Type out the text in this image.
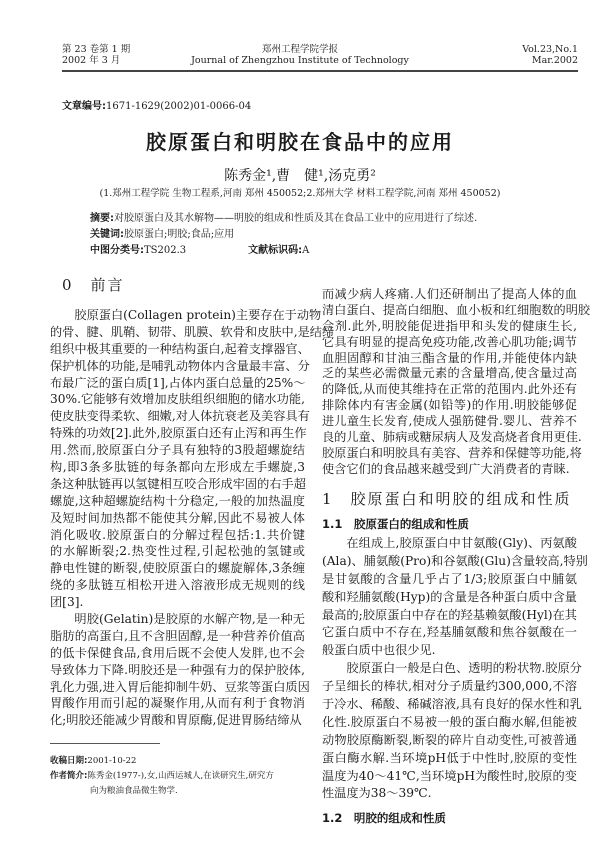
第 23 卷第 1 期
2002 年 3 月
郑州工程学院学报
Journal of Zhengzhou Institute of Technology
Vol.23,No.1
Mar.2002
文章编号:1671-1629(2002)01-0066-04
胶原蛋白和明胶在食品中的应用
陈秀金¹,曹　健¹,汤克勇²
(1.郑州工程学院 生物工程系,河南 郑州 450052;2.郑州大学 材料工程学院,河南 郑州 450052)
摘要:对胶原蛋白及其水解物——明胶的组成和性质及其在食品工业中的应用进行了综述.
关键词:胶原蛋白;明胶;食品;应用
中图分类号:TS202.3	文献标识码:A
0　前言
胶原蛋白(Collagen protein)主要存在于动物
的骨、腱、肌鞘、韧带、肌膜、软骨和皮肤中,是结缔
组织中极其重要的一种结构蛋白,起着支撑器官、
保护机体的功能,是哺乳动物体内含量最丰富、分
布最广泛的蛋白质[1],占体内蛋白总量的25%～
30%.它能够有效增加皮肤组织细胞的储水功能,
使皮肤变得柔软、细嫩,对人体抗衰老及美容具有
特殊的功效[2].此外,胶原蛋白还有止泻和再生作
用.然而,胶原蛋白分子具有独特的3股超螺旋结
构,即3条多肽链的每条都向左形成左手螺旋,3
条这种肽链再以氢键相互咬合形成牢固的右手超
螺旋,这种超螺旋结构十分稳定,一般的加热温度
及短时间加热都不能使其分解,因此不易被人体
消化吸收.胶原蛋白的分解过程包括:1.共价键
的水解断裂;2.热变性过程,引起松弛的氢键或
静电性键的断裂,使胶原蛋白的螺旋解体,3条缠
绕的多肽链互相松开进入溶液形成无规则的线
团[3].
明胶(Gelatin)是胶原的水解产物,是一种无
脂肪的高蛋白,且不含胆固醇,是一种营养价值高
的低卡保健食品,食用后既不会使人发胖,也不会
导致体力下降.明胶还是一种强有力的保护胶体,
乳化力强,进入胃后能抑制牛奶、豆浆等蛋白质因
胃酸作用而引起的凝聚作用,从而有利于食物消
化;明胶还能减少胃酸和胃原酶,促进胃肠结缔从
收稿日期:2001-10-22
作者简介:陈秀金(1977-),女,山西运城人,在读研究生,研究方
向为粮油食品微生物学.
而减少病人疼痛.人们还研制出了提高人体的血
清白蛋白、提高白细胞、血小板和红细胞数的明胶
合剂.此外,明胶能促进指甲和头发的健康生长,
它具有明显的提高免疫功能,改善心肌功能;调节
血胆固醇和甘油三酯含量的作用,并能使体内缺
乏的某些必需微量元素的含量增高,使含量过高
的降低,从而使其维持在正常的范围内.此外还有
排除体内有害金属(如铅等)的作用.明胶能够促
进儿童生长发育,使成人强筋健骨.婴儿、营养不
良的儿童、肺病或糖尿病人及发高烧者食用更佳.
胶原蛋白和明胶具有美容、营养和保健等功能,将
使含它们的食品越来越受到广大消费者的青睐.
1　胶原蛋白和明胶的组成和性质
1.1　胶原蛋白的组成和性质
在组成上,胶原蛋白中甘氨酸(Gly)、丙氨酸
(Ala)、脯氨酸(Pro)和谷氨酸(Glu)含量较高,特别
是甘氨酸的含量几乎占了1/3;胶原蛋白中脯氨
酸和羟脯氨酸(Hyp)的含量是各种蛋白质中含量
最高的;胶原蛋白中存在的羟基赖氨酸(Hyl)在其
它蛋白质中不存在,羟基脯氨酸和焦谷氨酸在一
般蛋白质中也很少见.
胶原蛋白一般是白色、透明的粉状物.胶原分
子呈细长的棒状,相对分子质量约300,000,不溶
于冷水、稀酸、稀碱溶液,具有良好的保水性和乳
化性.胶原蛋白不易被一般的蛋白酶水解,但能被
动物胶原酶断裂,断裂的碎片自动变性,可被普通
蛋白酶水解.当环境pH低于中性时,胶原的变性
温度为40～41℃,当环境pH为酸性时,胶原的变
性温度为38～39℃.
1.2　明胶的组成和性质
